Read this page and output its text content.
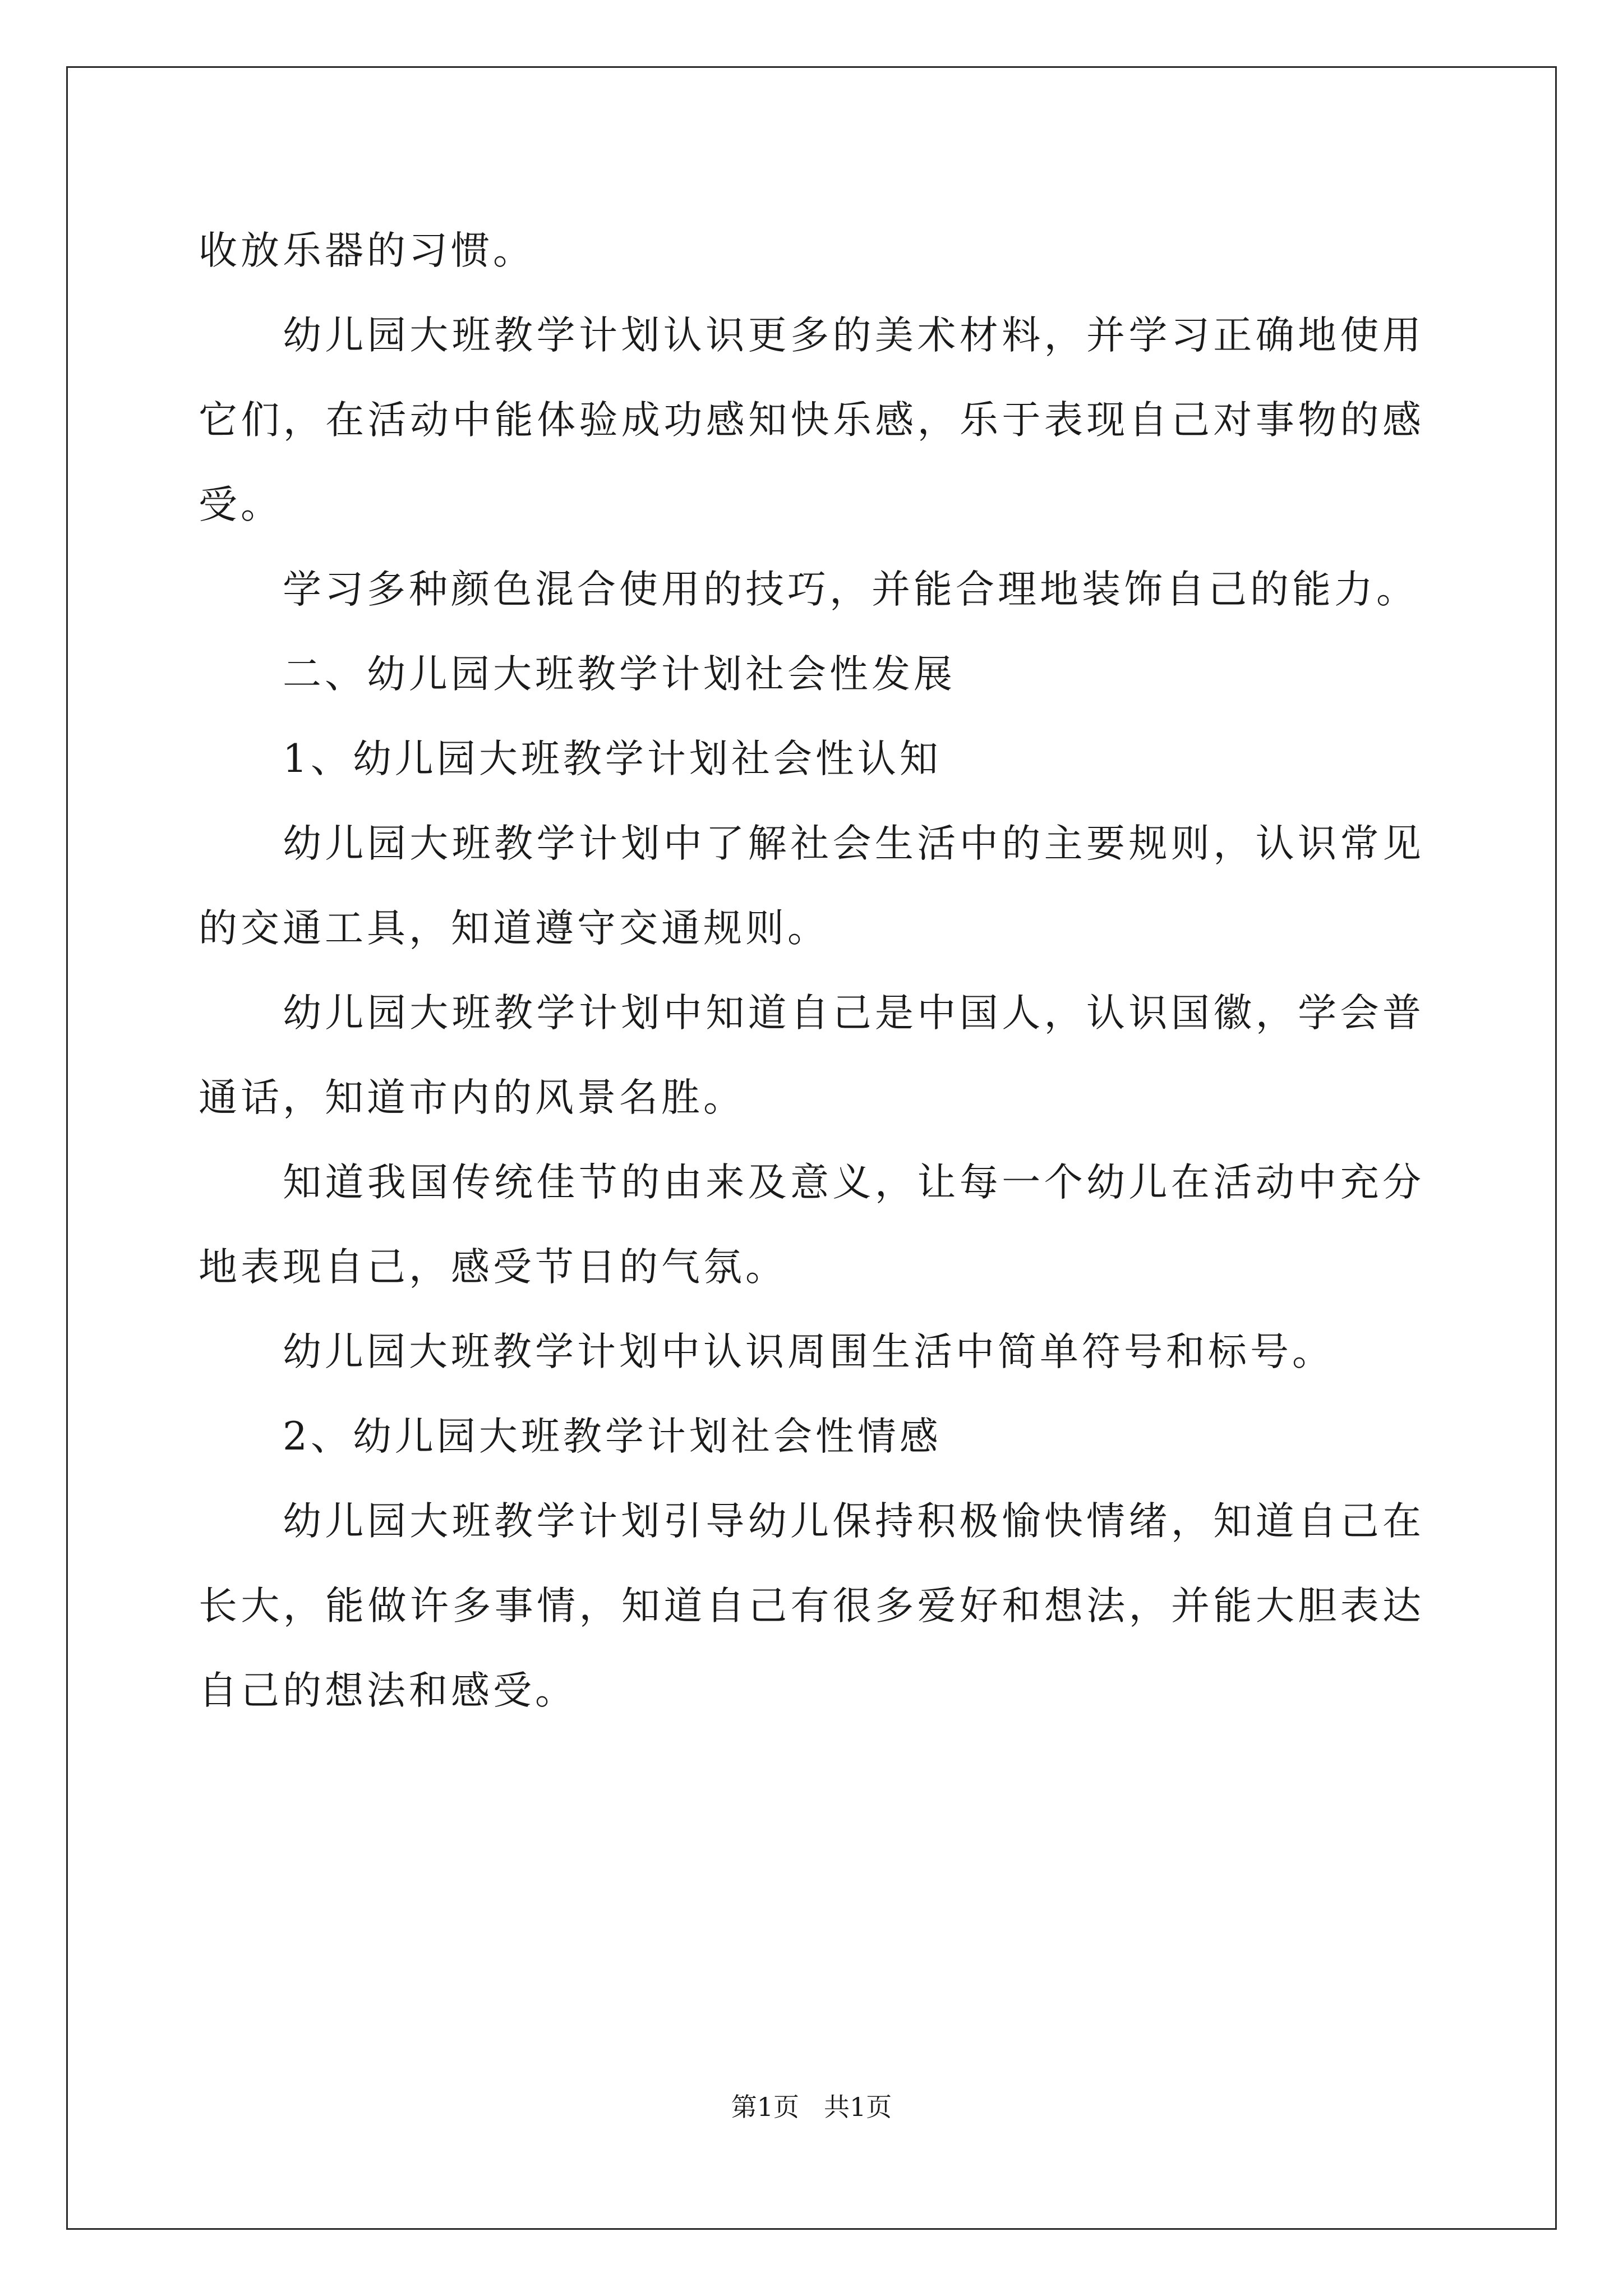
收放乐器的习惯。

幼儿园大班教学计划认识更多的美术材料，并学习正确地使用它们，在活动中能体验成功感知快乐感，乐于表现自己对事物的感受。

学习多种颜色混合使用的技巧，并能合理地装饰自己的能力。

二、幼儿园大班教学计划社会性发展

1、幼儿园大班教学计划社会性认知

幼儿园大班教学计划中了解社会生活中的主要规则，认识常见的交通工具，知道遵守交通规则。

幼儿园大班教学计划中知道自己是中国人，认识国徽，学会普通话，知道市内的风景名胜。

知道我国传统佳节的由来及意义，让每一个幼儿在活动中充分地表现自己，感受节日的气氛。

幼儿园大班教学计划中认识周围生活中简单符号和标号。

2、幼儿园大班教学计划社会性情感

幼儿园大班教学计划引导幼儿保持积极愉快情绪，知道自己在长大，能做许多事情，知道自己有很多爱好和想法，并能大胆表达自己的想法和感受。

第1页 共1页
